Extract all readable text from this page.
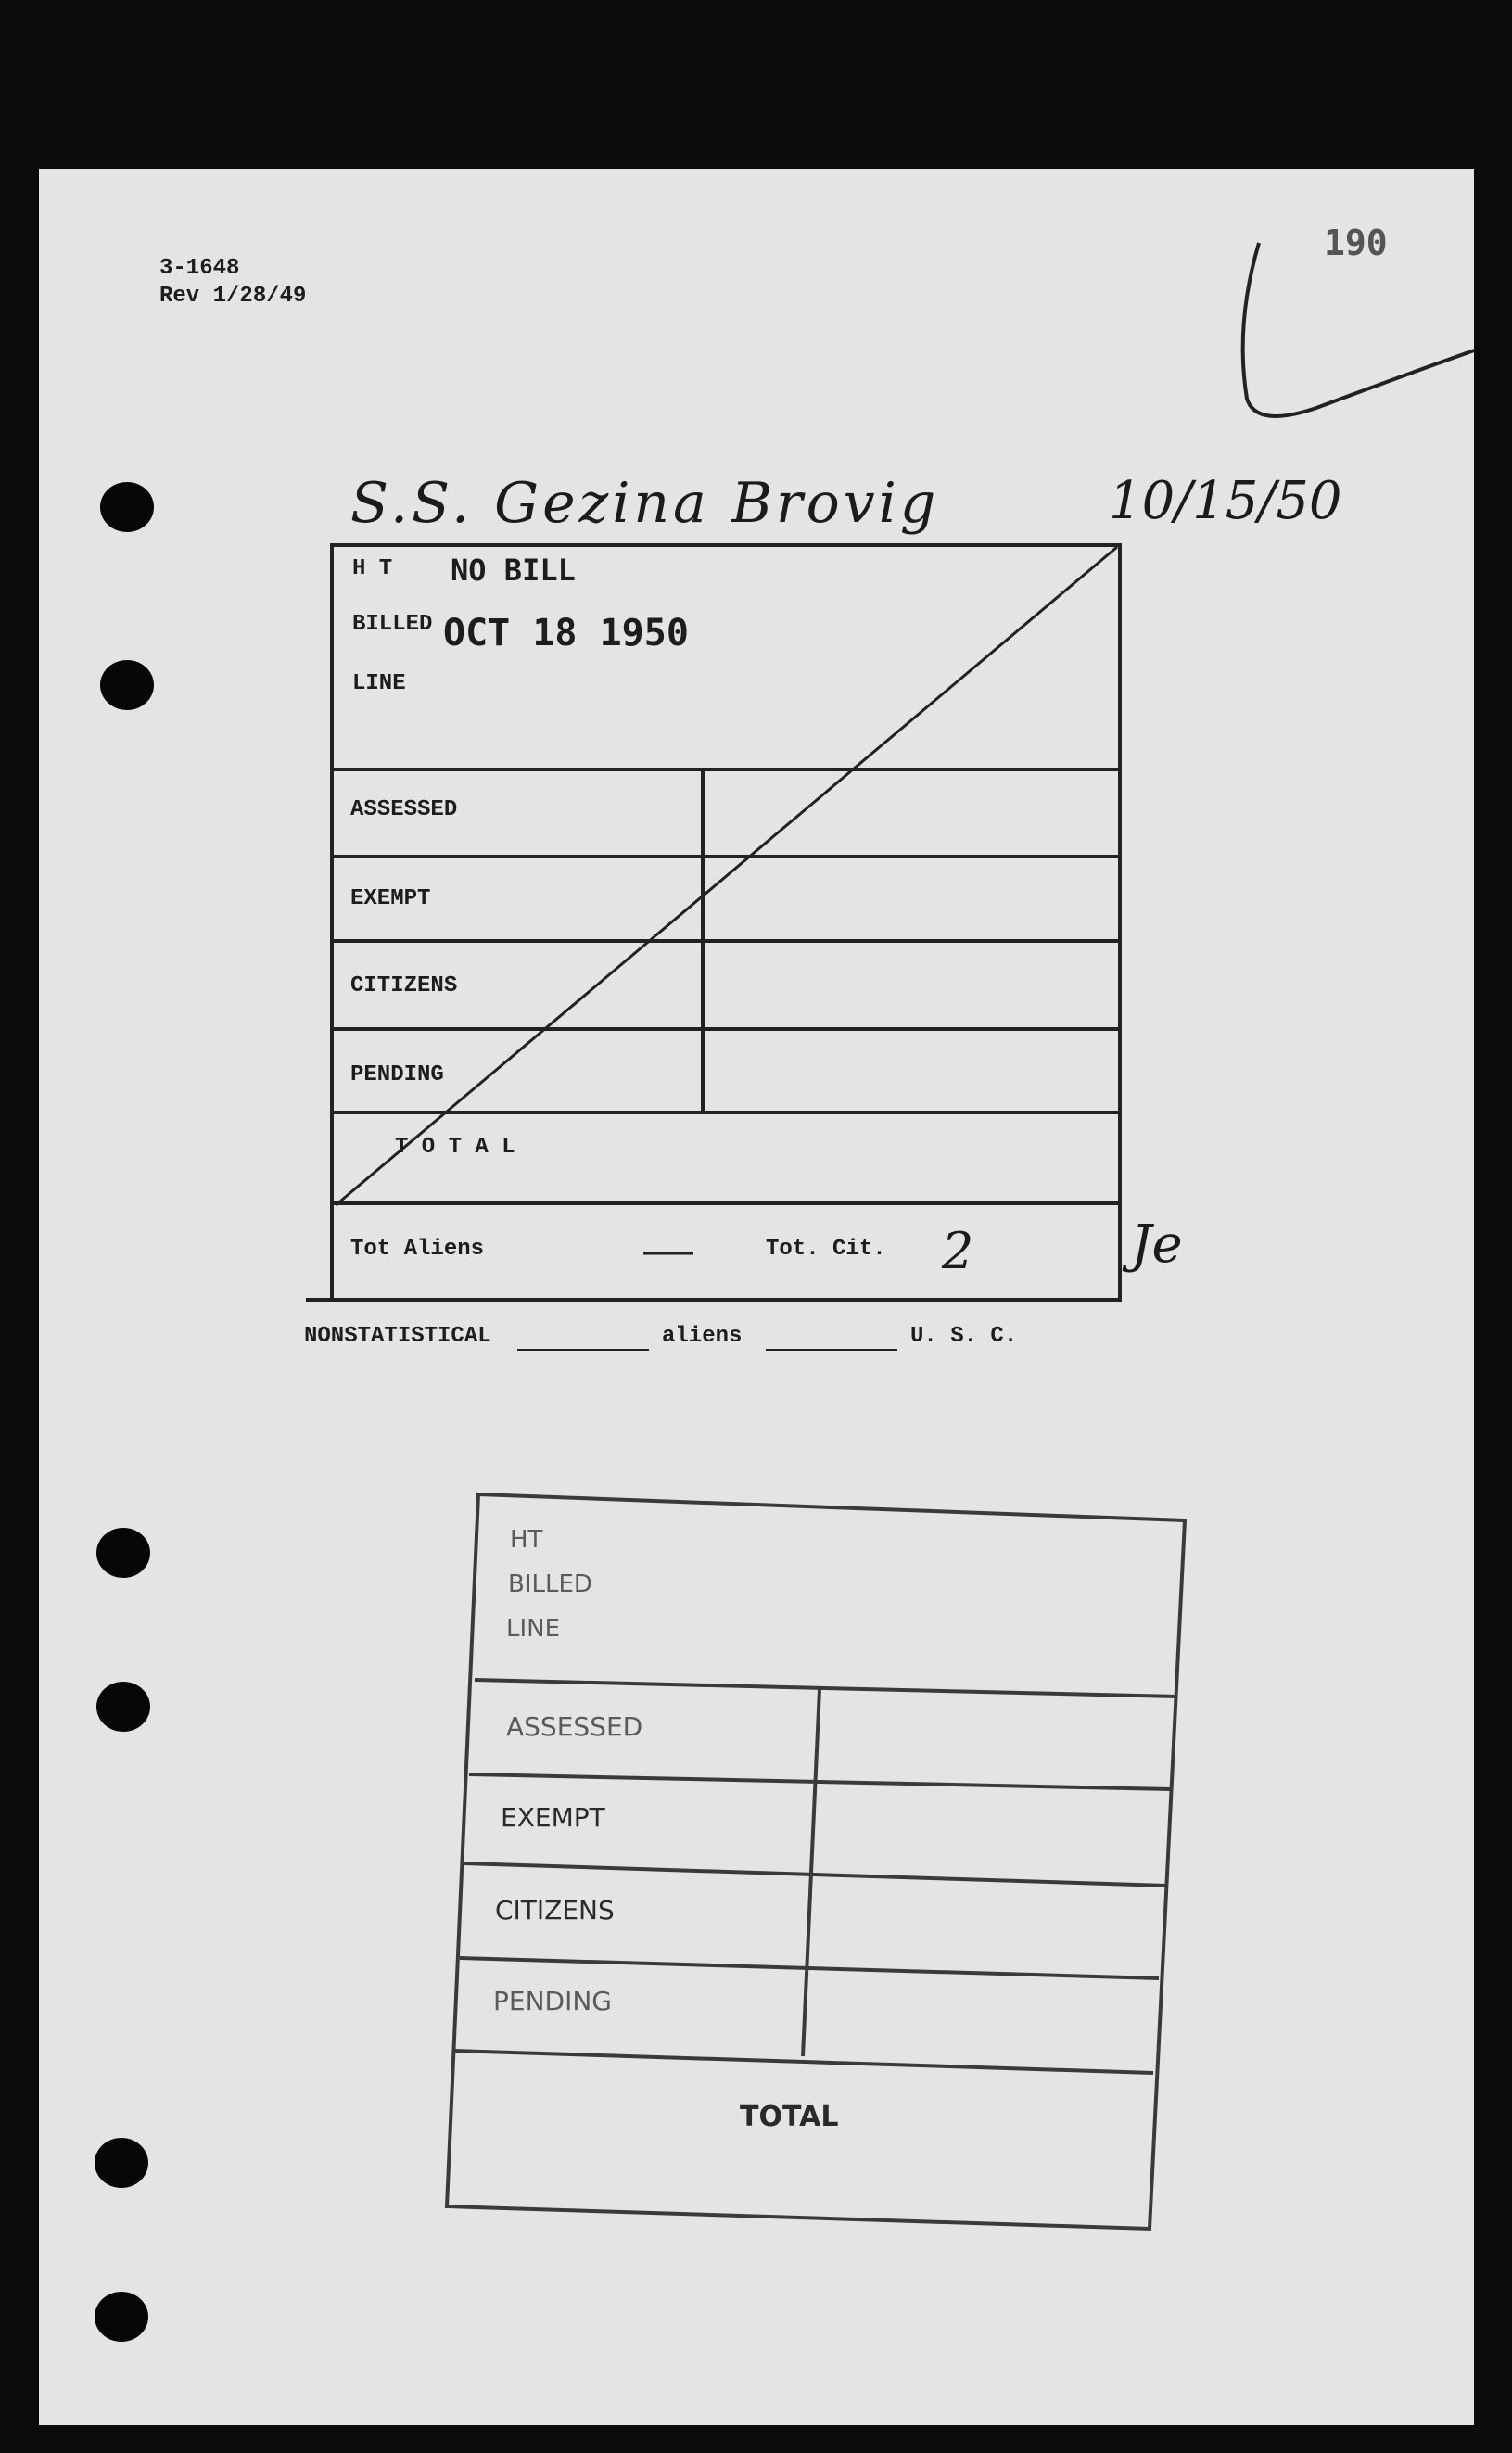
3-1648
Rev 1/28/49
190
S.S. Gezina Brovig	10/15/50
H T NO BILL
BILLED OCT 18 1950
LINE
ASSESSED
EXEMPT
CITIZENS
PENDING
T O T A L
Tot Aliens	Tot. Cit. 2	Je
NONSTATISTICAL	aliens	U. S. C.
HT
BILLED
LINE
ASSESSED
EXEMPT
CITIZENS
PENDING
TOTAL
